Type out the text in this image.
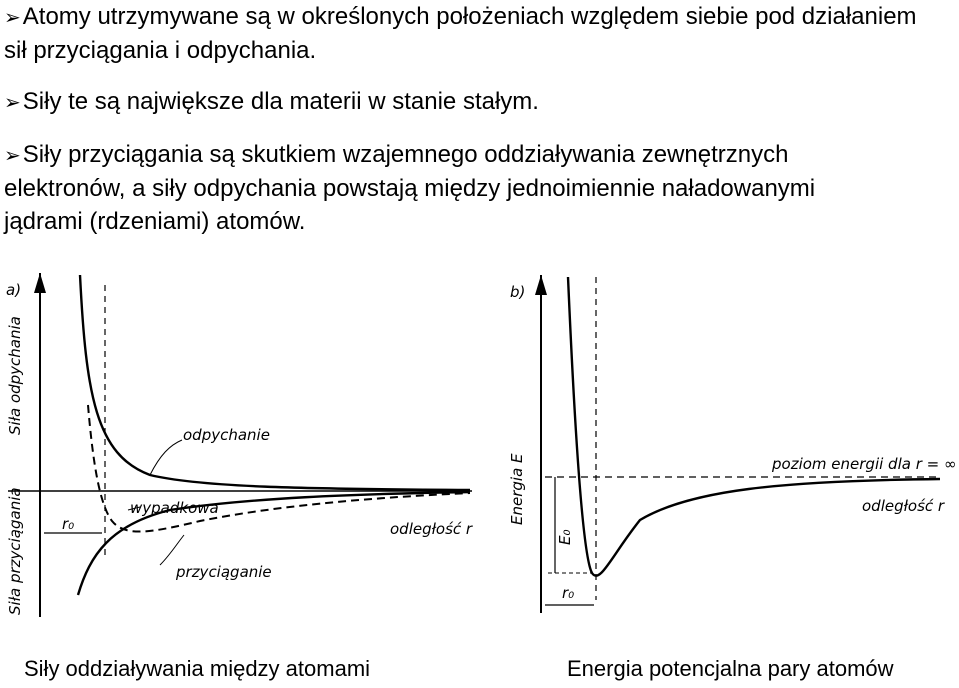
➢Atomy utrzymywane są w określonych położeniach względem siebie pod działaniem sił przyciągania i odpychania.
➢Siły te są największe dla materii w stanie stałym.
➢Siły przyciągania są skutkiem wzajemnego oddziaływania zewnętrznych elektronów, a siły odpychania powstają między jednoimiennie naładowanymi jądrami (rdzeniami) atomów.
a)
r₀
odpychanie
wypadkowa
przyciąganie
odległość r
Siła odpychania
Siła przyciągania
b)
E₀
r₀
poziom energii dla r = ∞
odległość r
Energia E
Siły oddziaływania między atomami	Energia potencjalna pary atomów
